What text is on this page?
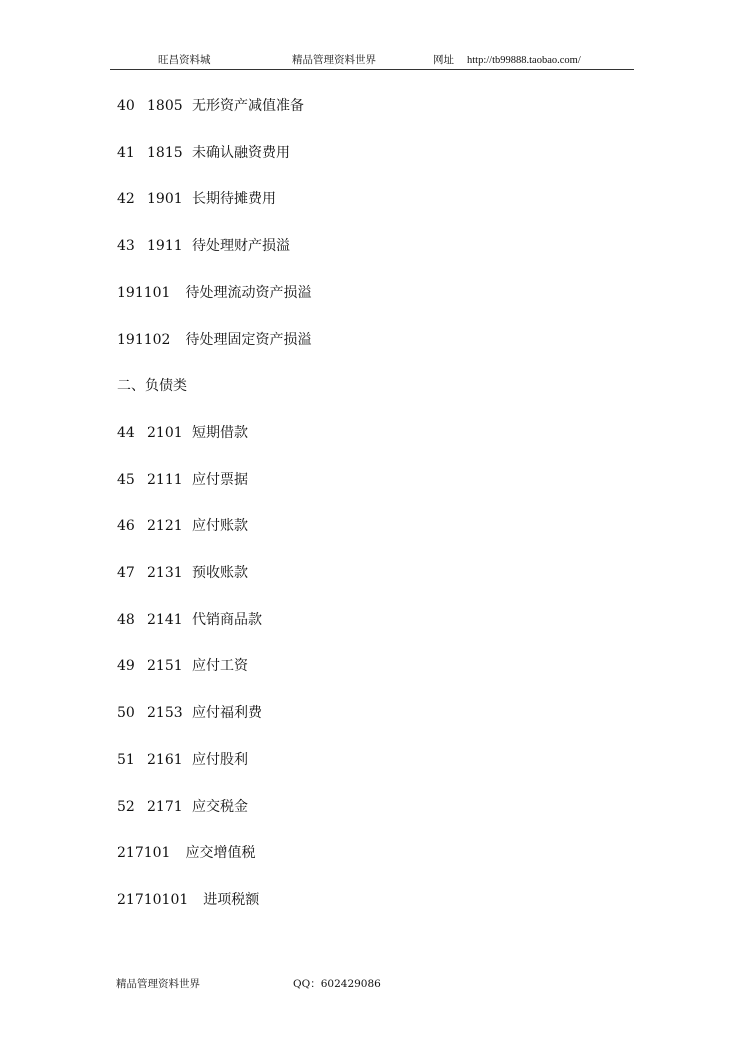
旺昌资料城	精品管理资料世界	网址 http://tb99888.taobao.com/
40 1805 无形资产减值准备
41 1815 未确认融资费用
42 1901 长期待摊费用
43 1911 待处理财产损溢
191101 待处理流动资产损溢
191102 待处理固定资产损溢
二、负债类
44 2101 短期借款
45 2111 应付票据
46 2121 应付账款
47 2131 预收账款
48 2141 代销商品款
49 2151 应付工资
50 2153 应付福利费
51 2161 应付股利
52 2171 应交税金
217101 应交增值税
21710101 进项税额
精品管理资料世界	QQ：602429086
